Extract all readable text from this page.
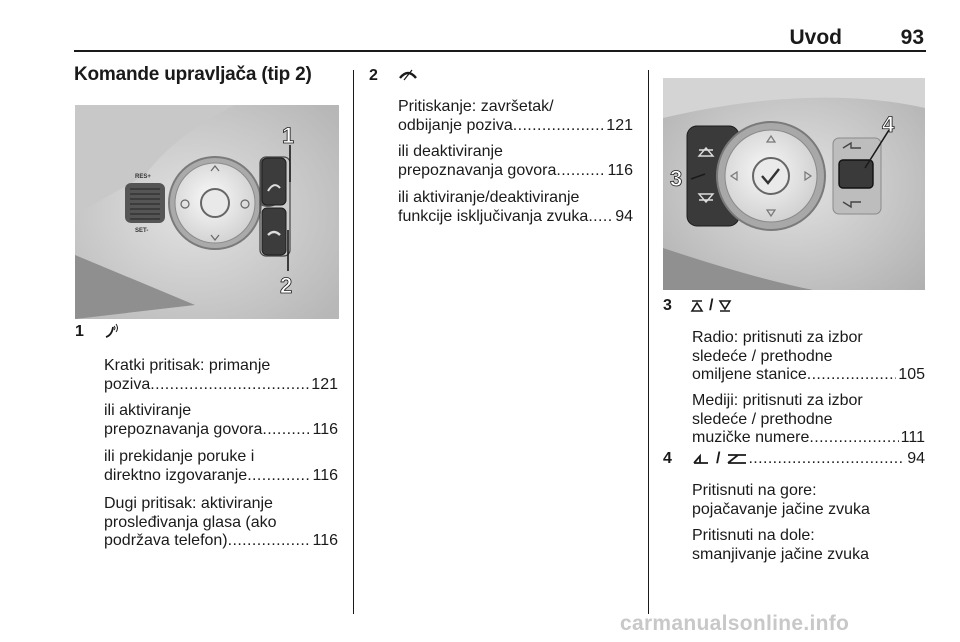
Uvod	93
Komande upravljača (tip 2)
RES+
SET-
1
2
4
3
1
Kratki pritisak: primanje
poziva .....	121
ili aktiviranje
prepoznavanja govora .....	116
ili prekidanje poruke i
direktno izgovaranje .....	116
Dugi pritisak: aktiviranje
prosleđivanja glasa (ako
podržava telefon) .....	116
2
Pritiskanje: završetak/
odbijanje poziva .....	121
ili deaktiviranje
prepoznavanja govora .....	116
ili aktiviranje/deaktiviranje
funkcije isključivanja zvuka ..... 94
3 /
Radio: pritisnuti za izbor
sledeće / prethodne
omiljene stanice .....	105
Mediji: pritisnuti za izbor
sledeće / prethodne
muzičke numere .....	111
4	/ .....	94
Pritisnuti na gore:
pojačavanje jačine zvuka
Pritisnuti na dole:
smanjivanje jačine zvuka
carmanualsonline.info
